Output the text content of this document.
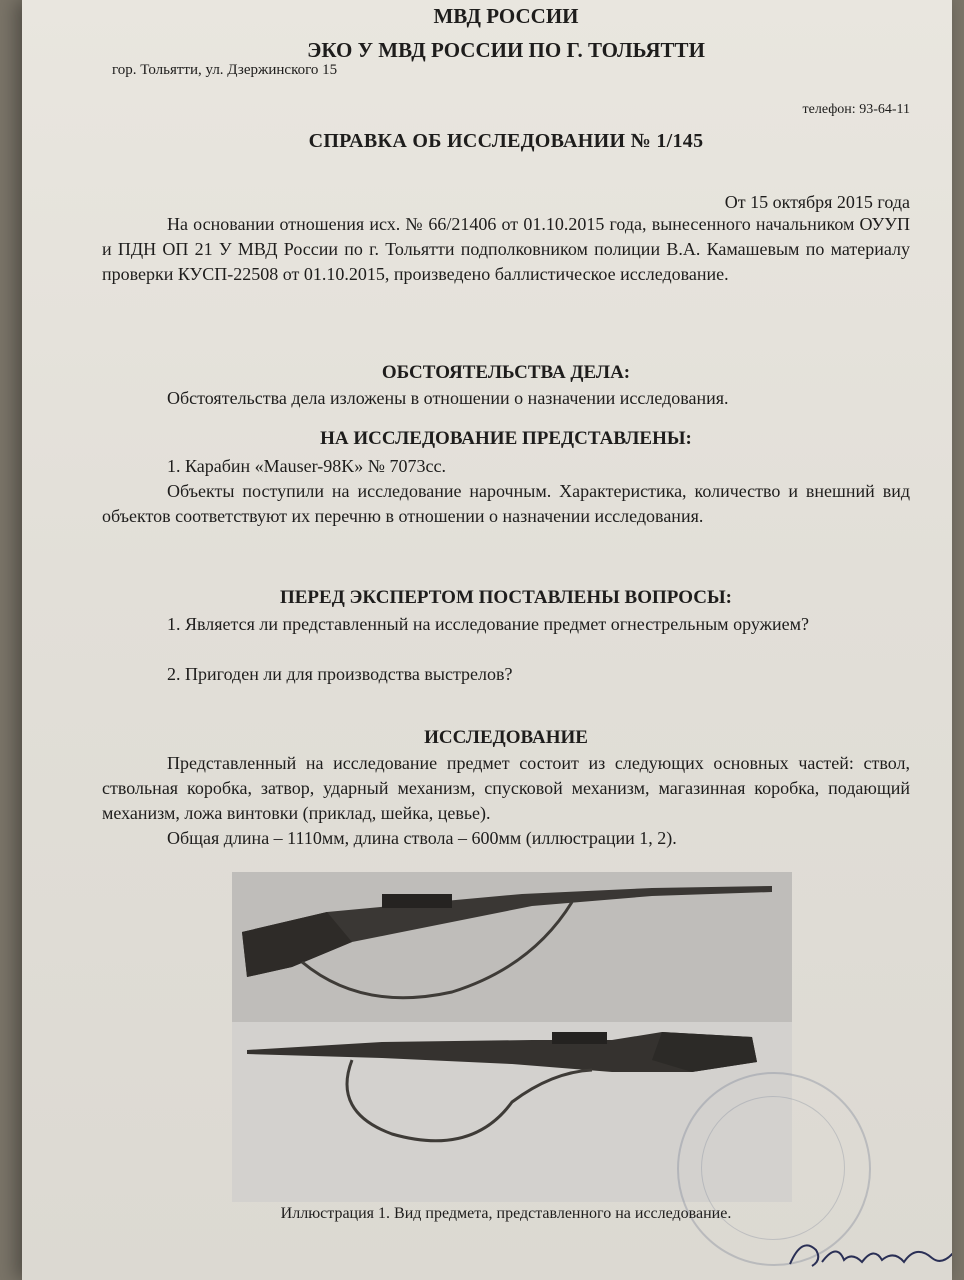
МВД РОССИИ
ЭКО У МВД РОССИИ ПО Г. ТОЛЬЯТТИ
гор. Тольятти, ул. Дзержинского 15
телефон: 93-64-11
СПРАВКА ОБ ИССЛЕДОВАНИИ № 1/145
От 15 октября 2015 года
На основании отношения исх. № 66/21406 от 01.10.2015 года, вынесенного начальником ОУУП и ПДН ОП 21 У МВД России по г. Тольятти подполковником полиции В.А. Камашевым по материалу проверки КУСП-22508 от 01.10.2015, произведено баллистическое исследование.
ОБСТОЯТЕЛЬСТВА ДЕЛА:
Обстоятельства дела изложены в отношении о назначении исследования.
НА ИССЛЕДОВАНИЕ ПРЕДСТАВЛЕНЫ:
1. Карабин «Mauser-98K» № 7073сс.
Объекты поступили на исследование нарочным. Характеристика, количество и внешний вид объектов соответствуют их перечню в отношении о назначении исследования.
ПЕРЕД ЭКСПЕРТОМ ПОСТАВЛЕНЫ ВОПРОСЫ:
1. Является ли представленный на исследование предмет огнестрельным оружием?
2. Пригоден ли для производства выстрелов?
ИССЛЕДОВАНИЕ
Представленный на исследование предмет состоит из следующих основных частей: ствол, ствольная коробка, затвор, ударный механизм, спусковой механизм, магазинная коробка, подающий механизм, ложа винтовки (приклад, шейка, цевье).
Общая длина – 1110мм, длина ствола – 600мм (иллюстрации 1, 2).
Иллюстрация 1. Вид предмета, представленного на исследование.
